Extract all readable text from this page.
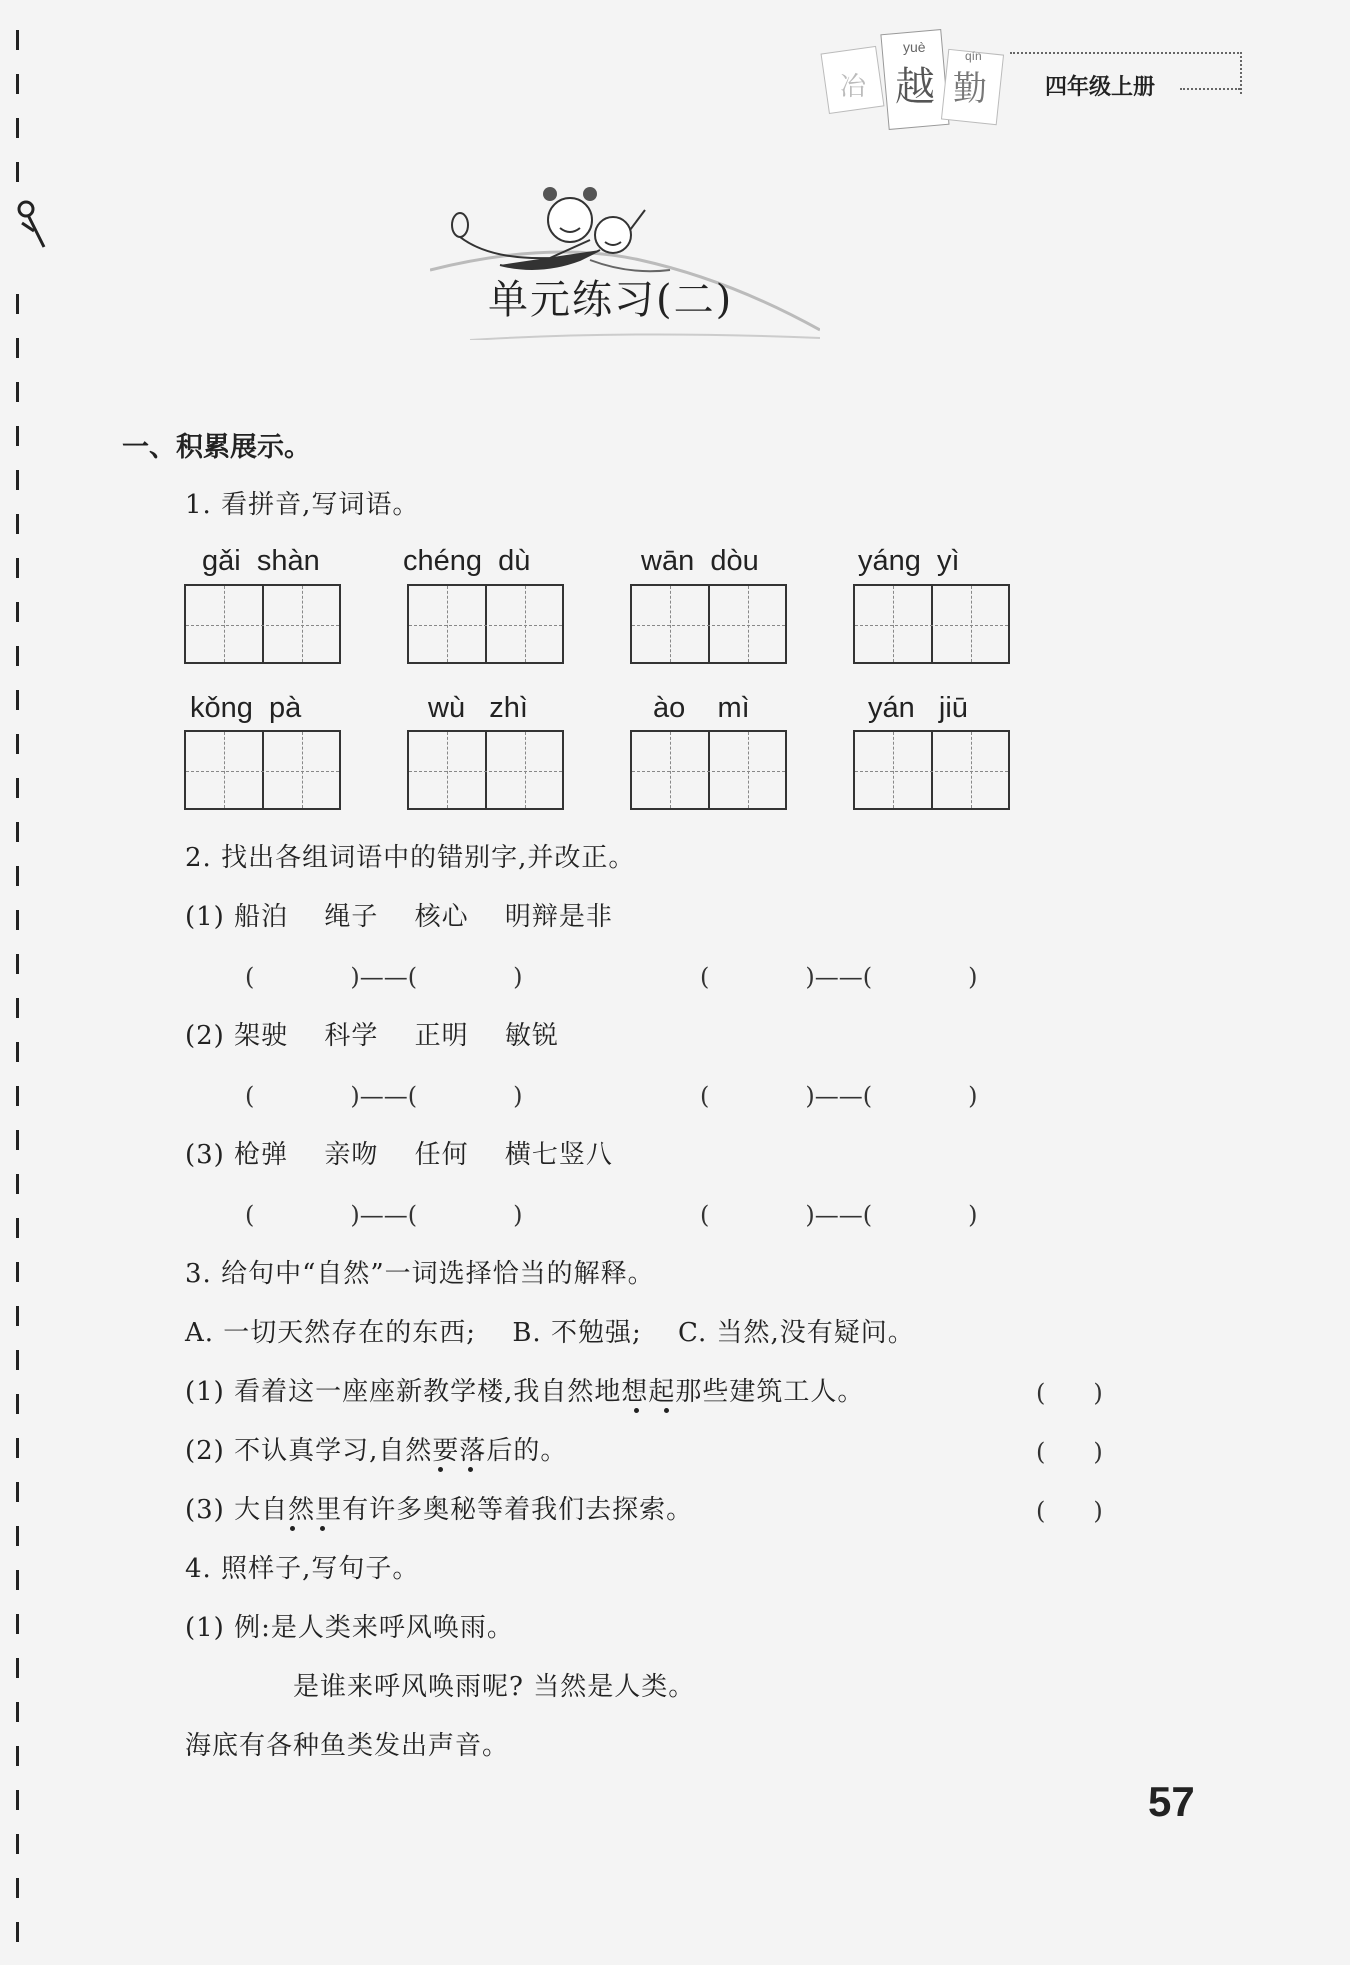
冶 越 勤
yuè
qín
四年级上册
单元练习(二)
一、积累展示。
1. 看拼音,写词语。
gǎi  shàn	chéng  dù	wān  dòu	yáng  yì
kǒng  pà	wù   zhì	ào    mì	yán   jiū
2. 找出各组词语中的错别字,并改正。
(1) 船泊　 绳子　 核心　 明辩是非
(　　　　)——(　　　　)	(　　　　)——(　　　　)
(2) 架驶　 科学　 正明　 敏锐
(　　　　)——(　　　　)	(　　　　)——(　　　　)
(3) 枪弹　 亲吻　 任何　 横七竖八
(　　　　)——(　　　　)	(　　　　)——(　　　　)
3. 给句中“自然”一词选择恰当的解释。
A. 一切天然存在的东西;　 B. 不勉强;　 C. 当然,没有疑问。
(1) 看着这一座座新教学楼,我自然地想起那些建筑工人。	(　　)
(2) 不认真学习,自然要落后的。	(　　)
(3) 大自然里有许多奥秘等着我们去探索。	(　　)
4. 照样子,写句子。
(1) 例:是人类来呼风唤雨。
是谁来呼风唤雨呢? 当然是人类。
海底有各种鱼类发出声音。
57
